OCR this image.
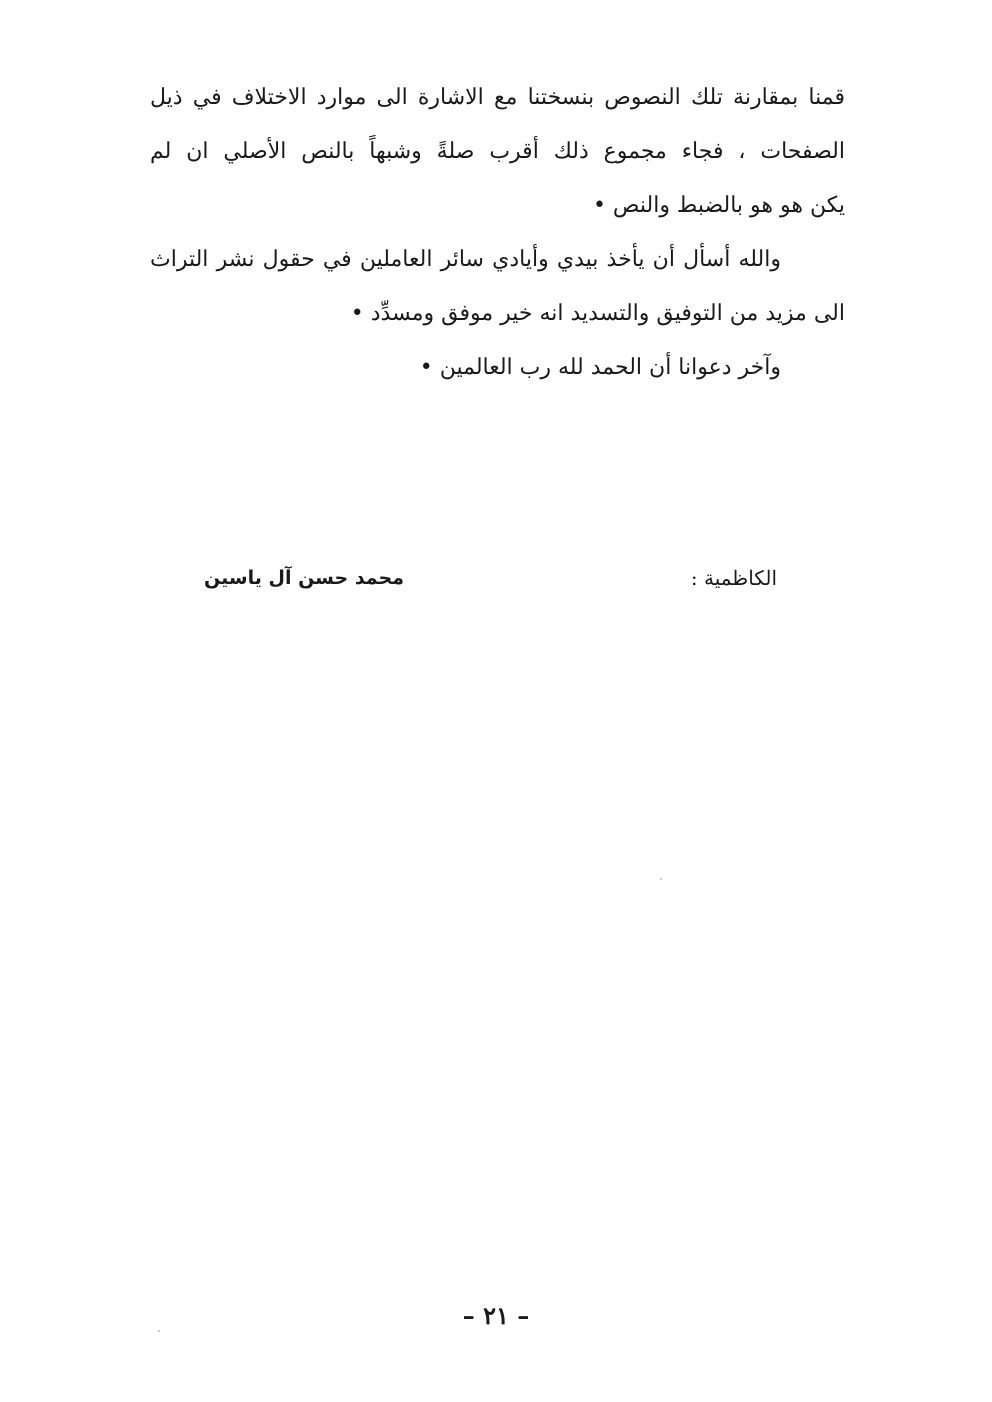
قمنا بمقارنة تلك النصوص بنسختنا مع الاشارة الى موارد الاختلاف في ذيل
الصفحات ، فجاء مجموع ذلك أقرب صلةً وشبهاً بالنص الأصلي ان لم
يكن هو هو بالضبط والنص •
والله أسأل أن يأخذ بيدي وأيادي سائر العاملين في حقول نشر التراث
الى مزيد من التوفيق والتسديد انه خير موفق ومسدِّد •
وآخر دعوانا أن الحمد لله رب العالمين •
الكاظمية :
محمد حسن آل ياسين
– ٢١ –
